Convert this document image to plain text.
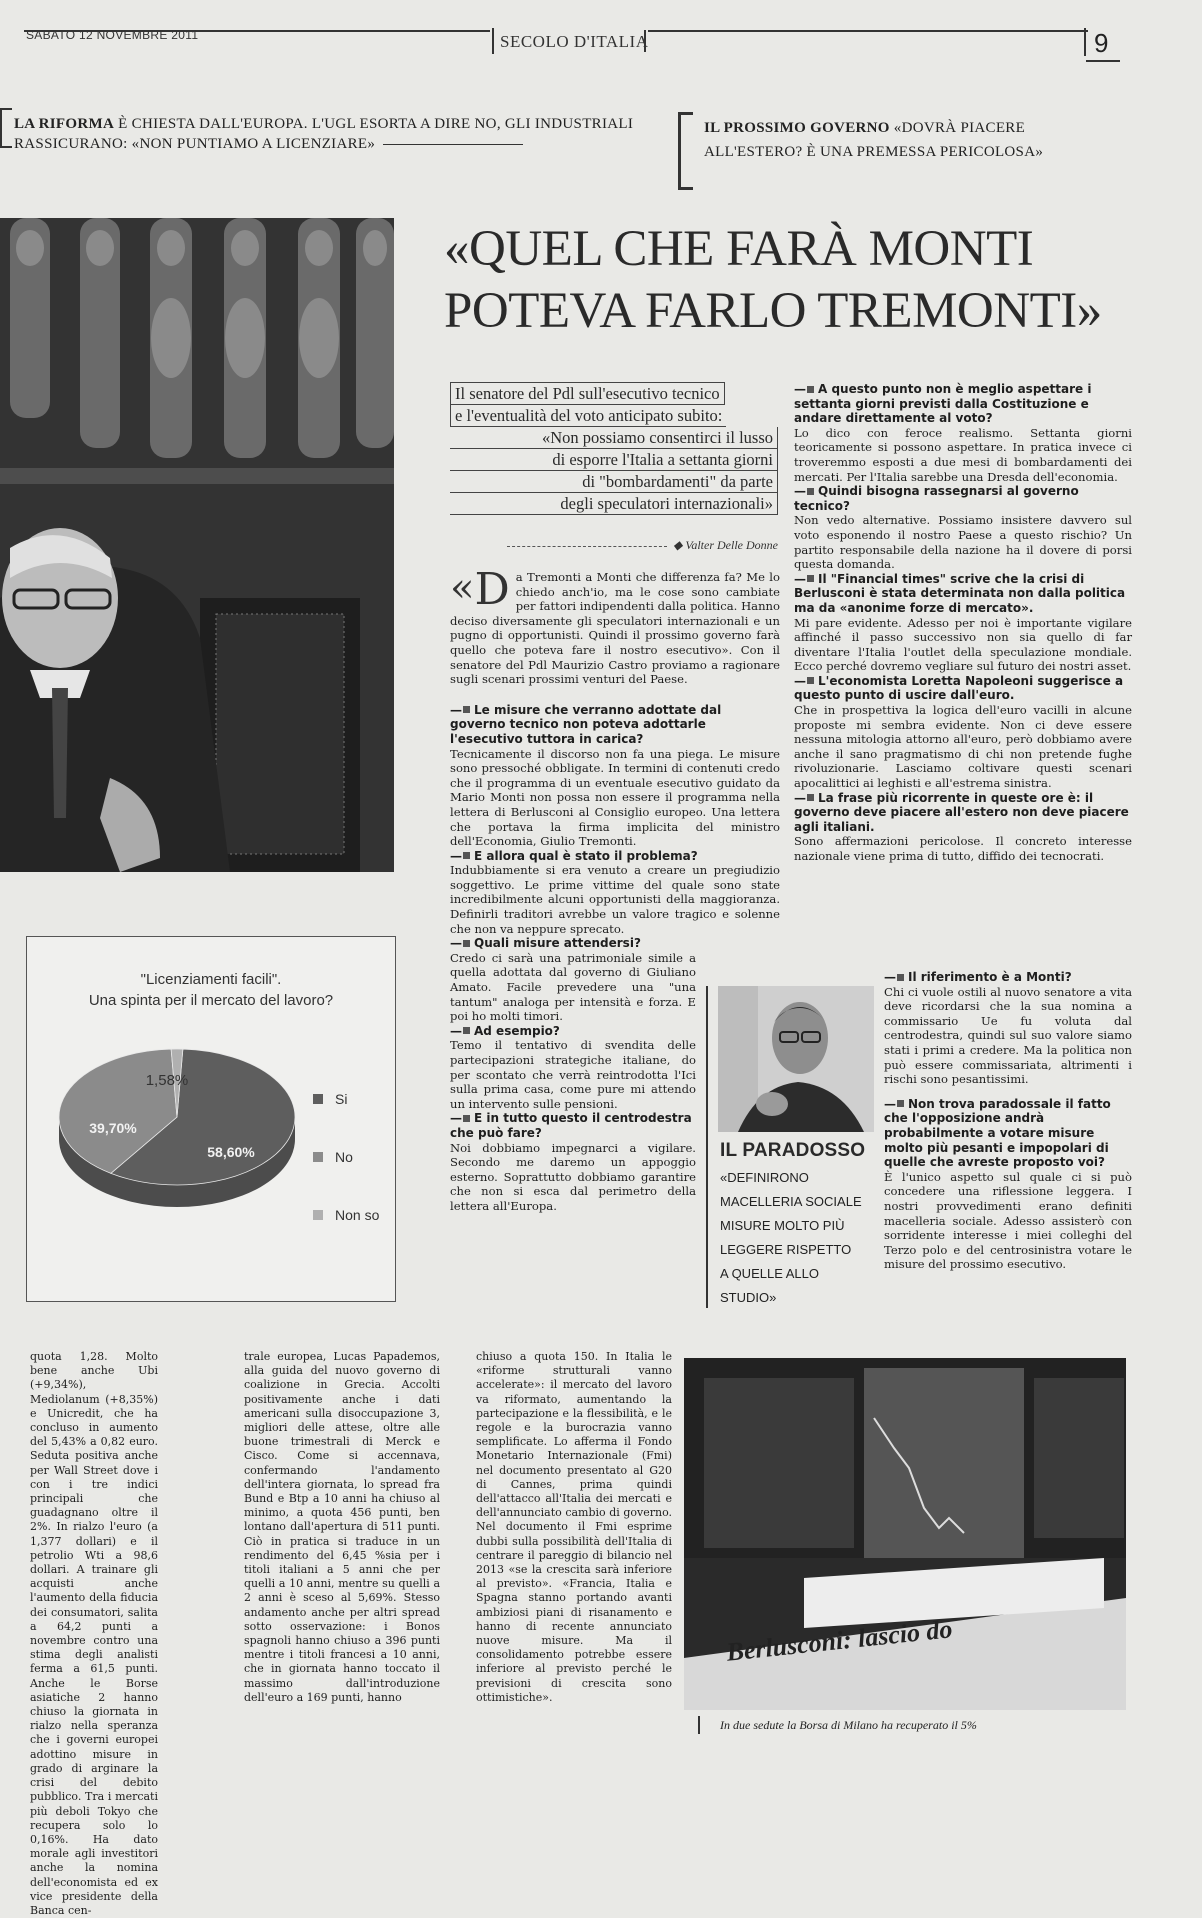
SABATO 12 NOVEMBRE 2011	SECOLO D'ITALIA	9
LA RIFORMA È CHIESTA DALL'EUROPA. L'UGL ESORTA A DIRE NO, GLI INDUSTRIALI RASSICURANO: «NON PUNTIAMO A LICENZIARE»
IL PROSSIMO GOVERNO «DOVRÀ PIACERE ALL'ESTERO? È UNA PREMESSA PERICOLOSA»
«QUEL CHE FARÀ MONTI
POTEVA FARLO TREMONTI»
Il senatore del Pdl sull'esecutivo tecnico e l'eventualità del voto anticipato subito:
«Non possiamo consentirci il lusso
di esporre l'Italia a settanta giorni
di "bombardamenti" da parte
degli speculatori internazionali»
◆ Valter Delle Donne
« D a Tremonti a Monti che differenza fa? Me lo chiedo anch'io, ma le cose sono cambiate per fattori indipendenti dalla politica. Hanno deciso diversamente gli speculatori internazionali e un pugno di opportunisti. Quindi il prossimo governo farà quello che poteva fare il nostro esecutivo». Con il senatore del Pdl Maurizio Castro proviamo a ragionare sugli scenari prossimi venturi del Paese.

— Le misure che verranno adottate dal governo tecnico non poteva adottarle l'esecutivo tuttora in carica?

Tecnicamente il discorso non fa una piega. Le misure sono pressoché obbligate. In termini di contenuti credo che il programma di un eventuale esecutivo guidato da Mario Monti non possa non essere il programma nella lettera di Berlusconi al Consiglio europeo. Una lettera che portava la firma implicita del ministro dell'Economia, Giulio Tremonti.

— E allora qual è stato il problema?

Indubbiamente si era venuto a creare un pregiudizio soggettivo. Le prime vittime del quale sono state incredibilmente alcuni opportunisti della maggioranza. Definirli traditori avrebbe un valore tragico e solenne che non va neppure sprecato.

— Quali misure attendersi?

Credo ci sarà una patrimoniale simile a quella adottata dal governo di Giuliano Amato. Facile prevedere una "una tantum" analoga per intensità e forza. E poi ho molti timori.

— Ad esempio?

Temo il tentativo di svendita delle partecipazioni strategiche italiane, do per scontato che verrà reintrodotta l'Ici sulla prima casa, come pure mi attendo un intervento sulle pensioni.

— E in tutto questo il centrodestra che può fare?

Noi dobbiamo impegnarci a vigilare. Secondo me daremo un appoggio esterno. Soprattutto dobbiamo garantire che non si esca dal perimetro della lettera all'Europa.

— A questo punto non è meglio aspettare i settanta giorni previsti dalla Costituzione e andare direttamente al voto?

Lo dico con feroce realismo. Settanta giorni teoricamente si possono aspettare. In pratica invece ci troveremmo esposti a due mesi di bombardamenti dei mercati. Per l'Italia sarebbe una Dresda dell'economia.

— Quindi bisogna rassegnarsi al governo tecnico?

Non vedo alternative. Possiamo insistere davvero sul voto esponendo il nostro Paese a questo rischio? Un partito responsabile della nazione ha il dovere di porsi questa domanda.

— Il "Financial times" scrive che la crisi di Berlusconi è stata determinata non dalla politica ma da «anonime forze di mercato».

Mi pare evidente. Adesso per noi è importante vigilare affinché il passo successivo non sia quello di far diventare l'Italia l'outlet della speculazione mondiale. Ecco perché dovremo vegliare sul futuro dei nostri asset.

— L'economista Loretta Napoleoni suggerisce a questo punto di uscire dall'euro.

Che in prospettiva la logica dell'euro vacilli in alcune proposte mi sembra evidente. Non ci deve essere nessuna mitologia attorno all'euro, però dobbiamo avere anche il sano pragmatismo di chi non pretende fughe rivoluzionarie. Lasciamo coltivare questi scenari apocalittici ai leghisti e all'estrema sinistra.

— La frase più ricorrente in queste ore è: il governo deve piacere all'estero non deve piacere agli italiani.

Sono affermazioni pericolose. Il concreto interesse nazionale viene prima di tutto, diffido dei tecnocrati.

— Il riferimento è a Monti?

Chi ci vuole ostili al nuovo senatore a vita deve ricordarsi che la sua nomina a commissario Ue fu voluta dal centrodestra, quindi sul suo valore siamo stati i primi a credere. Ma la politica non può essere commissariata, altrimenti i rischi sono pesantissimi.

— Non trova paradossale il fatto che l'opposizione andrà probabilmente a votare misure molto più pesanti e impopolari di quelle che avreste proposto voi?

È l'unico aspetto sul quale ci si può concedere una riflessione leggera. I nostri provvedimenti erano definiti macelleria sociale. Adesso assisterò con sorridente interesse i miei colleghi del Terzo polo e del centrosinistra votare le misure del prossimo esecutivo.

IL PARADOSSO
«DEFINIRONO
MACELLERIA SOCIALE
MISURE MOLTO PIÙ
LEGGERE RISPETTO
A QUELLE ALLO STUDIO»
"Licenziamenti facili".
Una spinta per il mercato del lavoro?
58,60%
39,70%
1,58%
Si
No
Non so
quota 1,28. Molto bene anche Ubi (+9,34%), Mediolanum (+8,35%) e Unicredit, che ha concluso in aumento del 5,43% a 0,82 euro. Seduta positiva anche per Wall Street dove i con i tre indici principali che guadagnano oltre il 2%. In rialzo l'euro (a 1,377 dollari) e il petrolio Wti a 98,6 dollari. A trainare gli acquisti anche l'aumento della fiducia dei consumatori, salita a 64,2 punti a novembre contro una stima degli analisti ferma a 61,5 punti. Anche le Borse asiatiche 2 hanno chiuso la giornata in rialzo nella speranza che i governi europei adottino misure in grado di arginare la crisi del debito pubblico. Tra i mercati più deboli Tokyo che recupera solo lo 0,16%. Ha dato morale agli investitori anche la nomina dell'economista ed ex vice presidente della Banca cen-
trale europea, Lucas Papademos, alla guida del nuovo governo di coalizione in Grecia. Accolti positivamente anche i dati americani sulla disoccupazione 3, migliori delle attese, oltre alle buone trimestrali di Merck e Cisco. Come si accennava, confermando l'andamento dell'intera giornata, lo spread fra Bund e Btp a 10 anni ha chiuso al minimo, a quota 456 punti, ben lontano dall'apertura di 511 punti. Ciò in pratica si traduce in un rendimento del 6,45 %sia per i titoli italiani a 5 anni che per quelli a 10 anni, mentre su quelli a 2 anni è sceso al 5,69%. Stesso andamento anche per altri spread sotto osservazione: i Bonos spagnoli hanno chiuso a 396 punti mentre i titoli francesi a 10 anni, che in giornata hanno toccato il massimo dall'introduzione dell'euro a 169 punti, hanno
chiuso a quota 150. In Italia le «riforme strutturali vanno accelerate»: il mercato del lavoro va riformato, aumentando la partecipazione e la flessibilità, e le regole e la burocrazia vanno semplificate. Lo afferma il Fondo Monetario Internazionale (Fmi) nel documento presentato al G20 di Cannes, prima quindi dell'attacco all'Italia dei mercati e dell'annunciato cambio di governo. Nel documento il Fmi esprime dubbi sulla possibilità dell'Italia di centrare il pareggio di bilancio nel 2013 «se la crescita sarà inferiore al previsto». «Francia, Italia e Spagna stanno portando avanti ambiziosi piani di risanamento e hanno di recente annunciato nuove misure. Ma il consolidamento potrebbe essere inferiore al previsto perché le previsioni di crescita sono ottimistiche».
Berlusconi: lascio do
In due sedute la Borsa di Milano ha recuperato il 5%
